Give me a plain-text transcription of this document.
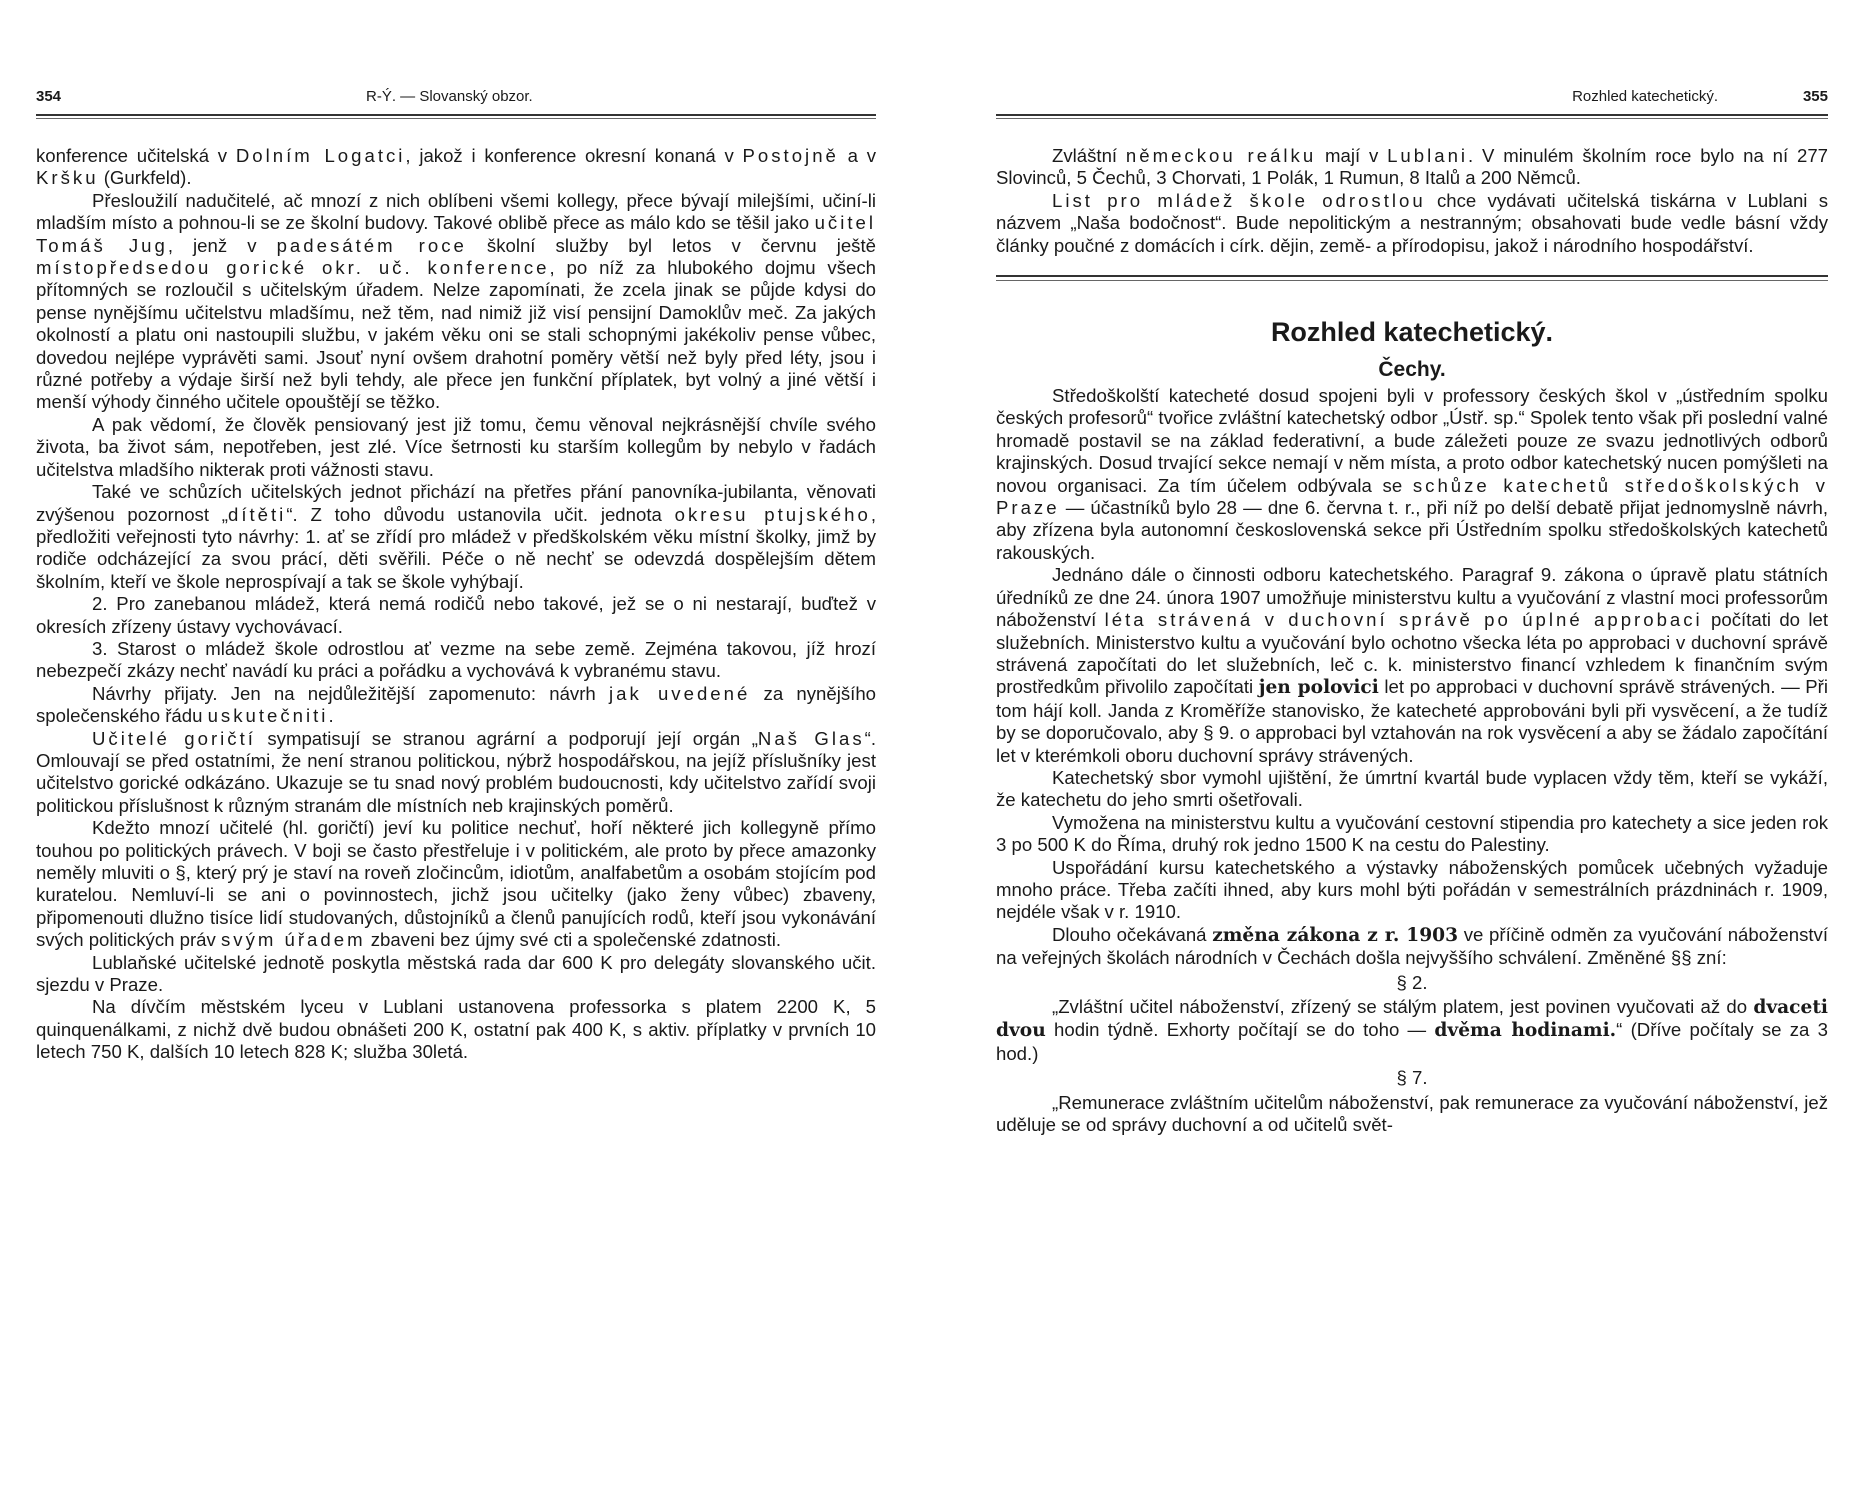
354	R-Ý. — Slovanský obzor.

konference učitelská v Dolním Logatci, jakož i konference okresní konaná v Postojně a v Kršku (Gurkfeld).

Přesloužilí nadučitelé, ač mnozí z nich oblíbeni všemi kollegy, přece bývají milejšími, učiní-li mladším místo a pohnou-li se ze školní budovy. Takové oblibě přece as málo kdo se těšil jako učitel Tomáš Jug, jenž v padesátém roce školní služby byl letos v červnu ještě místopředsedou gorické okr. uč. konference, po níž za hlubokého dojmu všech přítomných se rozloučil s učitelským úřadem. Nelze zapomínati, že zcela jinak se půjde kdysi do pense nynějšímu učitelstvu mladšímu, než těm, nad nimiž již visí pensijní Damoklův meč. Za jakých okolností a platu oni nastoupili službu, v jakém věku oni se stali schopnými jakékoliv pense vůbec, dovedou nejlépe vyprávěti sami. Jsouť nyní ovšem drahotní poměry větší než byly před léty, jsou i různé potřeby a výdaje širší než byli tehdy, ale přece jen funkční příplatek, byt volný a jiné větší i menší výhody činného učitele opouštějí se těžko.

A pak vědomí, že člověk pensiovaný jest již tomu, čemu věnoval nejkrásnější chvíle svého života, ba život sám, nepotřeben, jest zlé. Více šetrnosti ku starším kollegům by nebylo v řadách učitelstva mladšího nikterak proti vážnosti stavu.

Také ve schůzích učitelských jednot přichází na přetřes přání panovníka-jubilanta, věnovati zvýšenou pozornost „dítěti“. Z toho důvodu ustanovila učit. jednota okresu ptujského, předložiti veřejnosti tyto návrhy: 1. ať se zřídí pro mládež v předškolském věku místní školky, jimž by rodiče odcházející za svou prácí, děti svěřili. Péče o ně nechť se odevzdá dospělejším dětem školním, kteří ve škole neprospívají a tak se škole vyhýbají.

2. Pro zanebanou mládež, která nemá rodičů nebo takové, jež se o ni nestarají, buďtež v okresích zřízeny ústavy vychovávací.

3. Starost o mládež škole odrostlou ať vezme na sebe země. Zejména takovou, jíž hrozí nebezpečí zkázy nechť navádí ku práci a pořádku a vychovává k vybranému stavu.

Návrhy přijaty. Jen na nejdůležitější zapomenuto: návrh jak uvedené za nynějšího společenského řádu uskutečniti.

Učitelé goričtí sympatisují se stranou agrární a podporují její orgán „Naš Glas“. Omlouvají se před ostatními, že není stranou politickou, nýbrž hospodářskou, na jejíž příslušníky jest učitelstvo gorické odkázáno. Ukazuje se tu snad nový problém budoucnosti, kdy učitelstvo zařídí svoji politickou příslušnost k různým stranám dle místních neb krajinských poměrů.

Kdežto mnozí učitelé (hl. goričtí) jeví ku politice nechuť, hoří některé jich kollegyně přímo touhou po politických právech. V boji se často přestřeluje i v politickém, ale proto by přece amazonky neměly mluviti o §, který prý je staví na roveň zločincům, idiotům, analfabetům a osobám stojícím pod kuratelou. Nemluví-li se ani o povinnostech, jichž jsou učitelky (jako ženy vůbec) zbaveny, připomenouti dlužno tisíce lidí studovaných, důstojníků a členů panujících rodů, kteří jsou vykonávání svých politických práv svým úřadem zbaveni bez újmy své cti a společenské zdatnosti.

Lublaňské učitelské jednotě poskytla městská rada dar 600 K pro delegáty slovanského učit. sjezdu v Praze.

Na dívčím městském lyceu v Lublani ustanovena professorka s platem 2200 K, 5 quinquenálkami, z nichž dvě budou obnášeti 200 K, ostatní pak 400 K, s aktiv. příplatky v prvních 10 letech 750 K, dalších 10 letech 828 K; služba 30letá.

Rozhled katechetický.	355

Zvláštní německou reálku mají v Lublani. V minulém školním roce bylo na ní 277 Slovinců, 5 Čechů, 3 Chorvati, 1 Polák, 1 Rumun, 8 Italů a 200 Němců.

List pro mládež škole odrostlou chce vydávati učitelská tiskárna v Lublani s názvem „Naša bodočnost“. Bude nepolitickým a nestranným; obsahovati bude vedle básní vždy články poučné z domácích i círk. dějin, země- a přírodopisu, jakož i národního hospodářství.

Rozhled katechetický.
Čechy.

Středoškolští katecheté dosud spojeni byli v professory českých škol v „ústředním spolku českých profesorů“ tvořice zvláštní katechetský odbor „Ústř. sp.“ Spolek tento však při poslední valné hromadě postavil se na základ federativní, a bude záležeti pouze ze svazu jednotlivých odborů krajinských. Dosud trvající sekce nemají v něm místa, a proto odbor katechetský nucen pomýšleti na novou organisaci. Za tím účelem odbývala se schůze katechetů středoškolských v Praze — účastníků bylo 28 — dne 6. června t. r., při níž po delší debatě přijat jednomyslně návrh, aby zřízena byla autonomní československá sekce při Ústředním spolku středoškolských katechetů rakouských.

Jednáno dále o činnosti odboru katechetského. Paragraf 9. zákona o úpravě platu státních úředníků ze dne 24. února 1907 umožňuje ministerstvu kultu a vyučování z vlastní moci professorům náboženství léta strávená v duchovní správě po úplné approbaci počítati do let služebních. Ministerstvo kultu a vyučování bylo ochotno všecka léta po approbaci v duchovní správě strávená započítati do let služebních, leč c. k. ministerstvo financí vzhledem k finančním svým prostředkům přivolilo započítati jen polovici let po approbaci v duchovní správě strávených. — Při tom hájí koll. Janda z Kroměříže stanovisko, že katecheté approbováni byli při vysvěcení, a že tudíž by se doporučovalo, aby § 9. o approbaci byl vztahován na rok vysvěcení a aby se žádalo započítání let v kterémkoli oboru duchovní správy strávených.

Katechetský sbor vymohl ujištění, že úmrtní kvartál bude vyplacen vždy těm, kteří se vykáží, že katechetu do jeho smrti ošetřovali.

Vymožena na ministerstvu kultu a vyučování cestovní stipendia pro katechety a sice jeden rok 3 po 500 K do Říma, druhý rok jedno 1500 K na cestu do Palestiny.

Uspořádání kursu katechetského a výstavky náboženských pomůcek učebných vyžaduje mnoho práce. Třeba začíti ihned, aby kurs mohl býti pořádán v semestrálních prázdninách r. 1909, nejdéle však v r. 1910.

Dlouho očekávaná změna zákona z r. 1903 ve příčině odměn za vyučování náboženství na veřejných školách národních v Čechách došla nejvyššího schválení. Změněné §§ zní:

§ 2.

„Zvláštní učitel náboženství, zřízený se stálým platem, jest povinen vyučovati až do dvaceti dvou hodin týdně. Exhorty počítají se do toho — dvěma hodinami.“ (Dříve počítaly se za 3 hod.)

§ 7.

„Remunerace zvláštním učitelům náboženství, pak remunerace za vyučování náboženství, jež uděluje se od správy duchovní a od učitelů svět-
